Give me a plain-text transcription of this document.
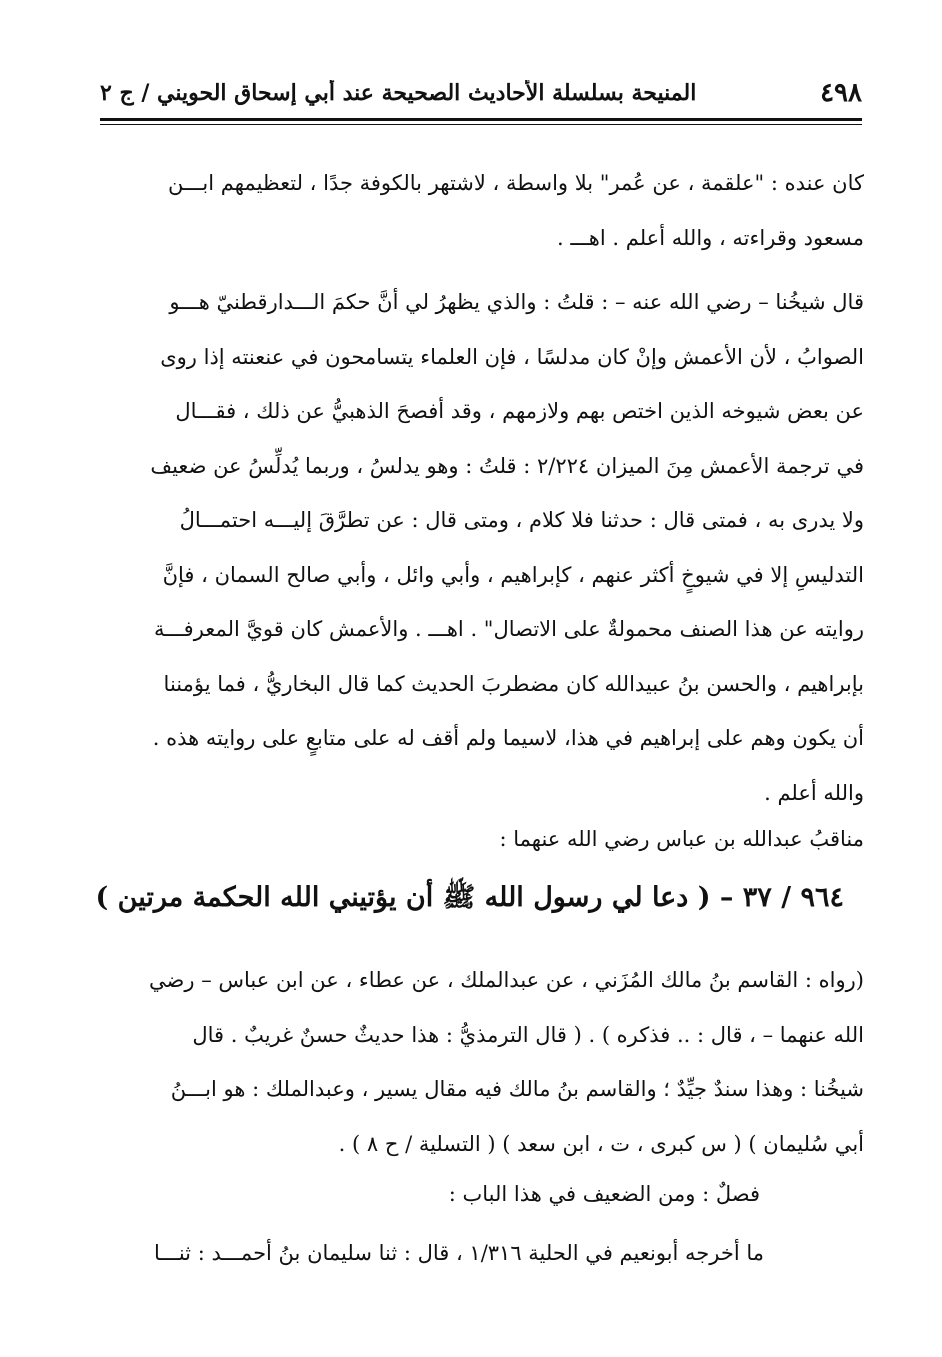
٤٩٨
المنيحة بسلسلة الأحاديث الصحيحة عند أبي إسحاق الحويني / ج ٢
كان عنده : "علقمة ، عن عُمر" بلا واسطة ، لاشتهر بالكوفة جدًا ، لتعظيمهم ابـــن
مسعود وقراءته ، والله أعلم . اهـــ .
قال شيخُنا – رضي الله عنه – : قلتُ : والذي يظهرُ لي أنَّ حكمَ الـــدارقطنيّ هـــو
الصوابُ ، لأن الأعمش وإنْ كان مدلسًا ، فإن العلماء يتسامحون في عنعنته إذا روى
عن بعض شيوخه الذين اختص بهم ولازمهم ، وقد أفصحَ الذهبيُّ عن ذلك ، فقـــال
في ترجمة الأعمش مِنَ الميزان ٢/٢٢٤ : قلتُ : وهو يدلسُ ، وربما يُدلِّسُ عن ضعيف
ولا يدرى به ، فمتى قال : حدثنا فلا كلام ، ومتى قال : عن تطرَّقَ إليـــه احتمـــالُ
التدليسِ إلا في شيوخٍ أكثر عنهم ، كإبراهيم ، وأبي وائل ، وأبي صالح السمان ، فإنَّ
روايته عن هذا الصنف محمولةٌ على الاتصال" . اهـــ . والأعمش كان قويَّ المعرفـــة
بإبراهيم ، والحسن بنُ عبيدالله كان مضطربَ الحديث كما قال البخاريُّ ، فما يؤمننا
أن يكون وهم على إبراهيم في هذا، لاسيما ولم أقف له على متابعٍ على روايته هذه .
والله أعلم .
مناقبُ عبدالله بن عباس رضي الله عنهما :
٩٦٤ / ٣٧ – ( دعا لي رسول الله ﷺ أن يؤتيني الله الحكمة مرتين )
(رواه : القاسم بنُ مالك المُزَني ، عن عبدالملك ، عن عطاء ، عن ابن عباس – رضي
الله عنهما – ، قال : .. فذكره ) . ( قال الترمذيُّ : هذا حديثٌ حسنٌ غريبٌ . قال
شيخُنا : وهذا سندٌ جيِّدٌ ؛ والقاسم بنُ مالك فيه مقال يسير ، وعبدالملك : هو ابـــنُ
أبي سُليمان ) ( س كبرى ، ت ، ابن سعد ) ( التسلية / ح ٨ ) .
فصلٌ : ومن الضعيف في هذا الباب :
ما أخرجه أبونعيم في الحلية ١/٣١٦ ، قال : ثنا سليمان بنُ أحمـــد : ثنـــا
